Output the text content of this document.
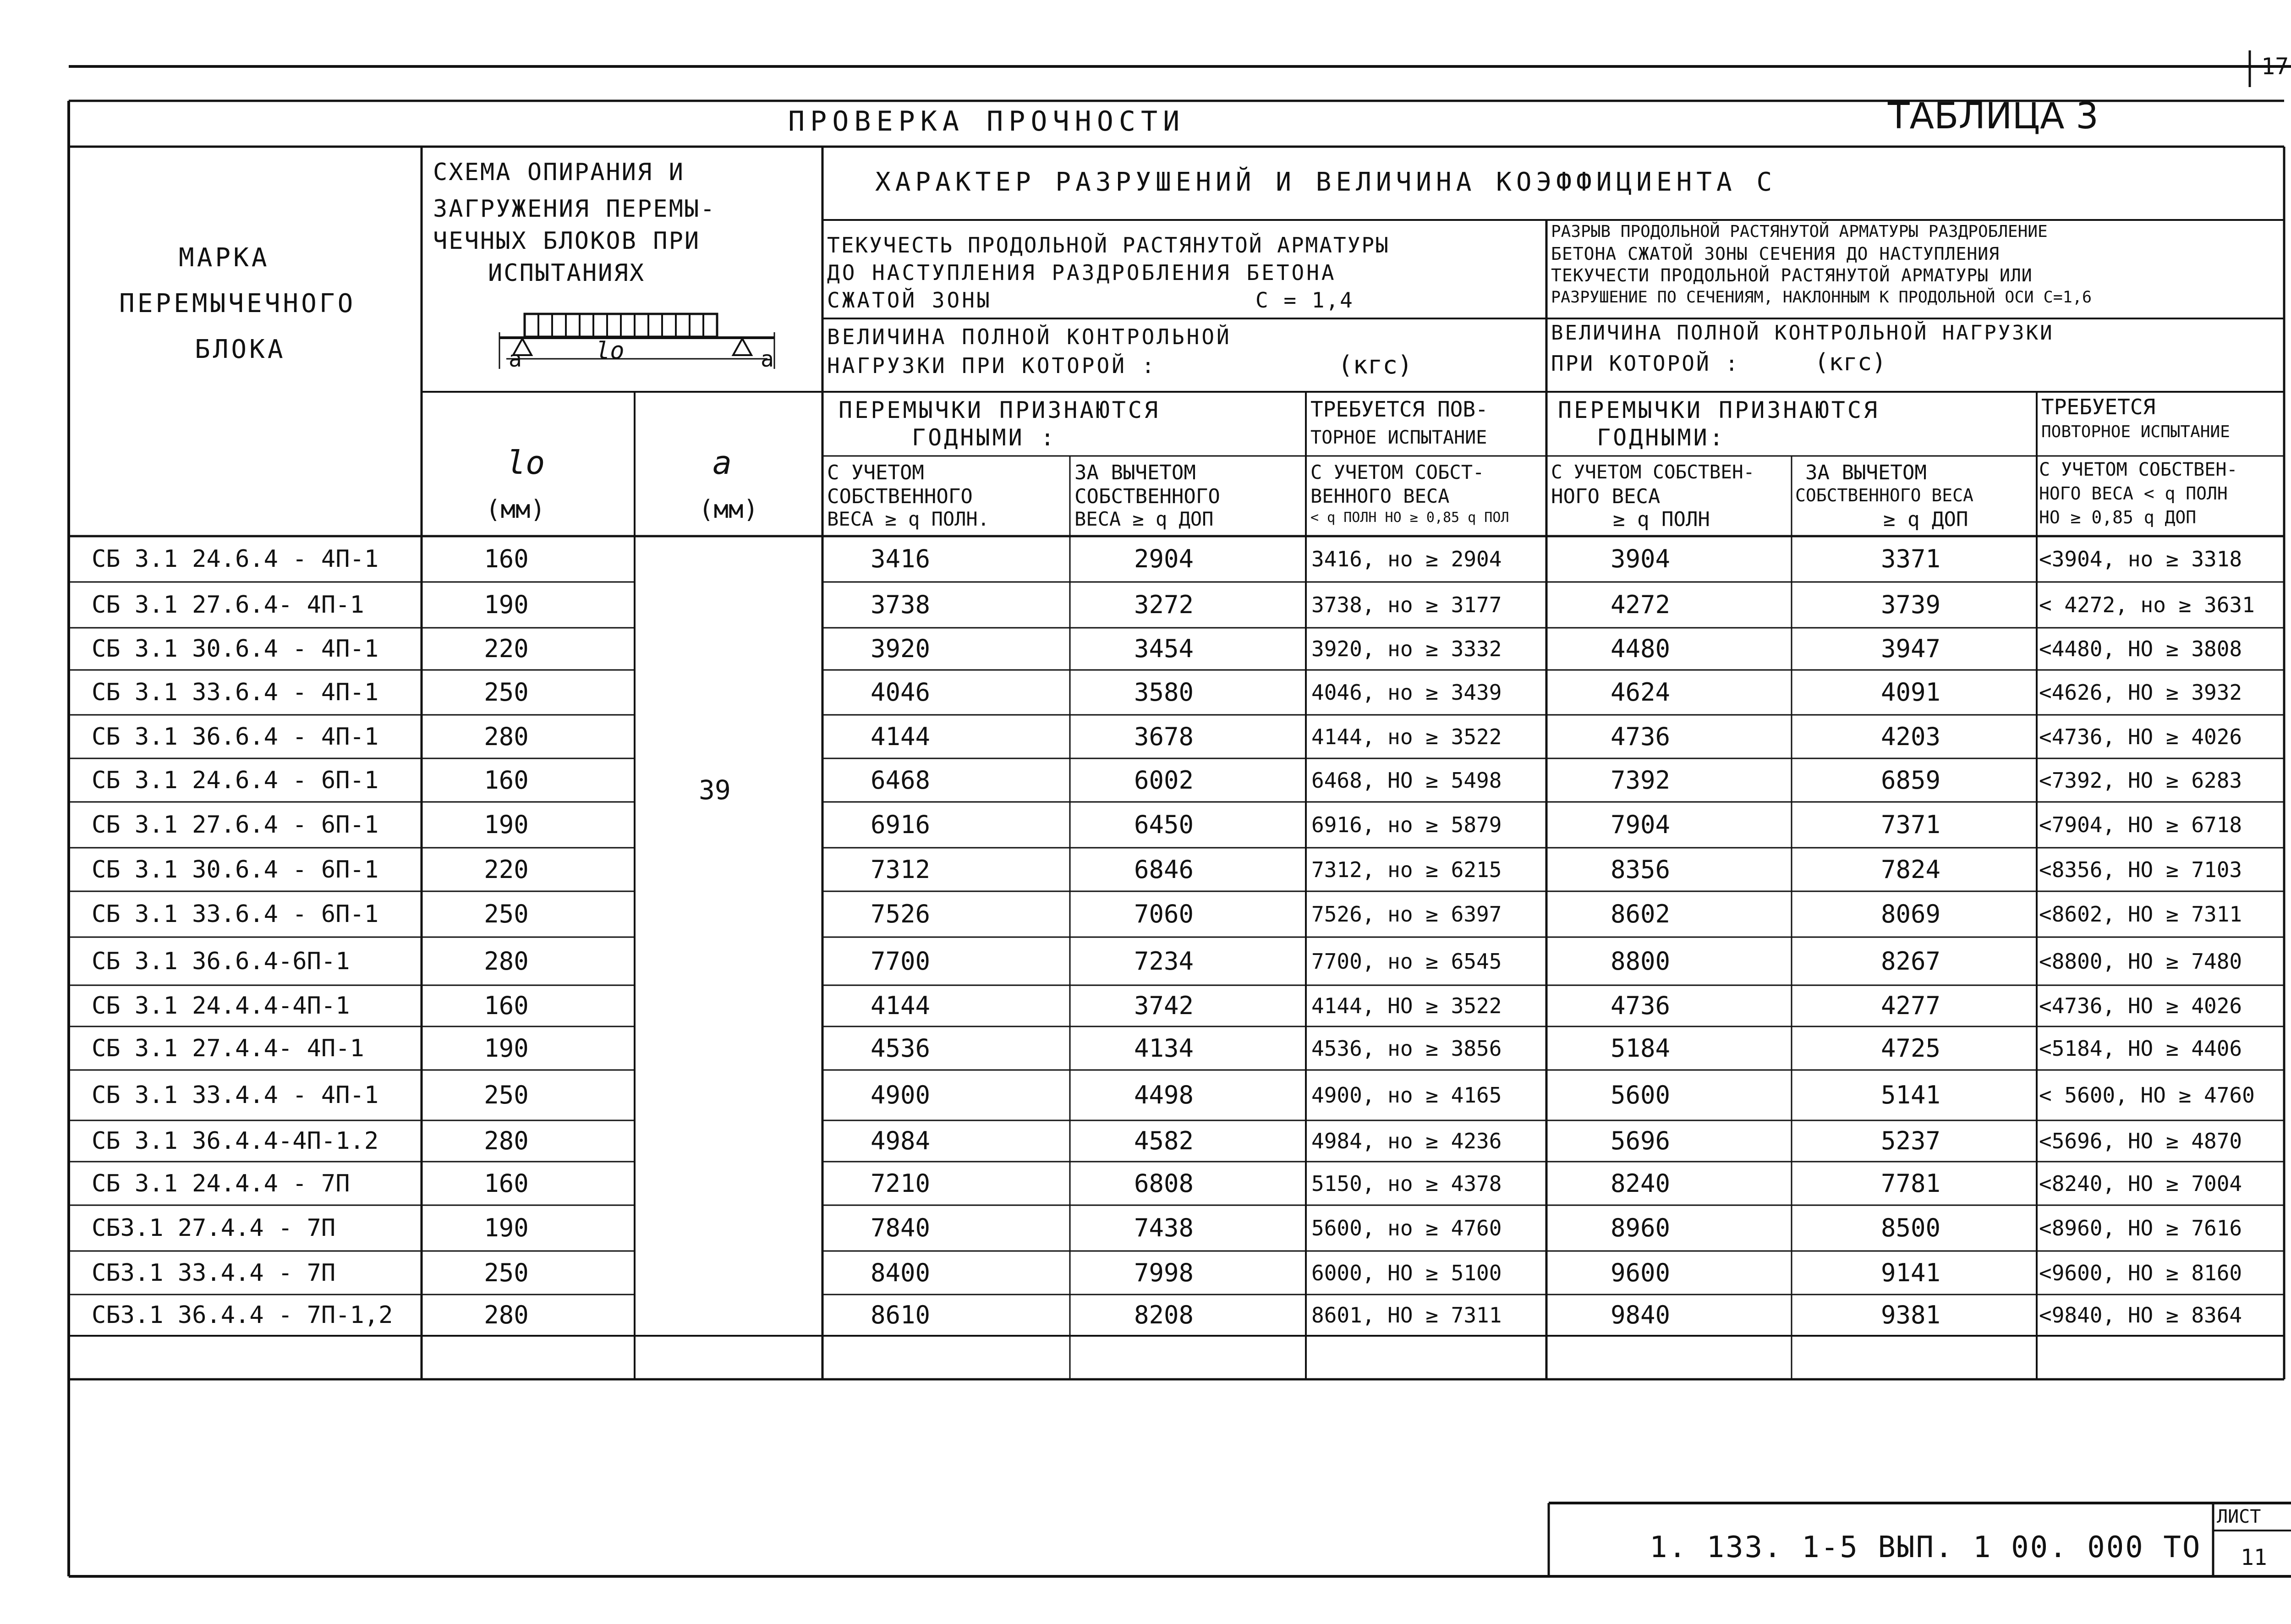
a	lo	a
17
ПРОВЕРКА ПРОЧНОСТИ	ТАБЛИЦА 3
МАРКА
ПЕРЕМЫЧЕЧНОГО
БЛОКА
СХЕМА ОПИРАНИЯ И
ЗАГРУЖЕНИЯ ПЕРЕМЫ-
ЧЕЧНЫХ БЛОКОВ ПРИ
ИСПЫТАНИЯХ
lo
(мм)
a
(мм)
ХАРАКТЕР РАЗРУШЕНИЙ И ВЕЛИЧИНА КОЭФФИЦИЕНТА С
ТЕКУЧЕСТЬ ПРОДОЛЬНОЙ РАСТЯНУТОЙ АРМАТУРЫ
ДО НАСТУПЛЕНИЯ РАЗДРОБЛЕНИЯ БЕТОНА
СЖАТОЙ ЗОНЫ	С = 1,4
РАЗРЫВ ПРОДОЛЬНОЙ РАСТЯНУТОЙ АРМАТУРЫ РАЗДРОБЛЕНИЕ
БЕТОНА СЖАТОЙ ЗОНЫ СЕЧЕНИЯ ДО НАСТУПЛЕНИЯ
ТЕКУЧЕСТИ ПРОДОЛЬНОЙ РАСТЯНУТОЙ АРМАТУРЫ ИЛИ
РАЗРУШЕНИЕ ПО СЕЧЕНИЯМ, НАКЛОННЫМ К ПРОДОЛЬНОЙ ОСИ С=1,6
ВЕЛИЧИНА ПОЛНОЙ КОНТРОЛЬНОЙ
НАГРУЗКИ ПРИ КОТОРОЙ :	(кгс)
ВЕЛИЧИНА ПОЛНОЙ КОНТРОЛЬНОЙ НАГРУЗКИ
ПРИ КОТОРОЙ :	(кгс)
ПЕРЕМЫЧКИ ПРИЗНАЮТСЯ
ГОДНЫМИ :
ТРЕБУЕТСЯ ПОВ-
ТОРНОЕ ИСПЫТАНИЕ
ПЕРЕМЫЧКИ ПРИЗНАЮТСЯ
ГОДНЫМИ:
ТРЕБУЕТСЯ
ПОВТОРНОЕ ИСПЫТАНИЕ
С УЧЕТОМ
СОБСТВЕННОГО
ВЕСА ≥ q ПОЛН.
ЗА ВЫЧЕТОМ
СОБСТВЕННОГО
ВЕСА ≥ q ДОП
С УЧЕТОМ СОБСТ-
ВЕННОГО ВЕСА
< q ПОЛН НО ≥ 0,85 q ПОЛ
С УЧЕТОМ СОБСТВЕН-
НОГО ВЕСА
≥ q ПОЛН
ЗА ВЫЧЕТОМ
СОБСТВЕННОГО ВЕСА
≥ q ДОП
С УЧЕТОМ СОБСТВЕН-
НОГО ВЕСА < q ПОЛН
НО ≥ 0,85 q ДОП
39
СБ 3.1 24.6.4 - 4П-1	160	3416	2904	3416, но ≥ 2904	3904	3371	<3904, но ≥ 3318
СБ 3.1 27.6.4- 4П-1	190	3738	3272	3738, но ≥ 3177	4272	3739	< 4272, но ≥ 3631
СБ 3.1 30.6.4 - 4П-1	220	3920	3454	3920, но ≥ 3332	4480	3947	<4480, НО ≥ 3808
СБ 3.1 33.6.4 - 4П-1	250	4046	3580	4046, но ≥ 3439	4624	4091	<4626, НО ≥ 3932
СБ 3.1 36.6.4 - 4П-1	280	4144	3678	4144, но ≥ 3522	4736	4203	<4736, НО ≥ 4026
СБ 3.1 24.6.4 - 6П-1	160	6468	6002	6468, НО ≥ 5498	7392	6859	<7392, НО ≥ 6283
СБ 3.1 27.6.4 - 6П-1	190	6916	6450	6916, но ≥ 5879	7904	7371	<7904, НО ≥ 6718
СБ 3.1 30.6.4 - 6П-1	220	7312	6846	7312, но ≥ 6215	8356	7824	<8356, НО ≥ 7103
СБ 3.1 33.6.4 - 6П-1	250	7526	7060	7526, но ≥ 6397	8602	8069	<8602, НО ≥ 7311
СБ 3.1 36.6.4-6П-1	280	7700	7234	7700, но ≥ 6545	8800	8267	<8800, НО ≥ 7480
СБ 3.1 24.4.4-4П-1	160	4144	3742	4144, НО ≥ 3522	4736	4277	<4736, НО ≥ 4026
СБ 3.1 27.4.4- 4П-1	190	4536	4134	4536, но ≥ 3856	5184	4725	<5184, НО ≥ 4406
СБ 3.1 33.4.4 - 4П-1	250	4900	4498	4900, но ≥ 4165	5600	5141	< 5600, НО ≥ 4760
СБ 3.1 36.4.4-4П-1.2	280	4984	4582	4984, но ≥ 4236	5696	5237	<5696, НО ≥ 4870
СБ 3.1 24.4.4 - 7П	160	7210	6808	5150, но ≥ 4378	8240	7781	<8240, НО ≥ 7004
СБ3.1 27.4.4 - 7П	190	7840	7438	5600, но ≥ 4760	8960	8500	<8960, НО ≥ 7616
СБ3.1 33.4.4 - 7П	250	8400	7998	6000, НО ≥ 5100	9600	9141	<9600, НО ≥ 8160
СБ3.1 36.4.4 - 7П-1,2	280	8610	8208	8601, НО ≥ 7311	9840	9381	<9840, НО ≥ 8364
1. 133. 1-5 ВЫП. 1 00. 000 ТО
ЛИСТ
11
